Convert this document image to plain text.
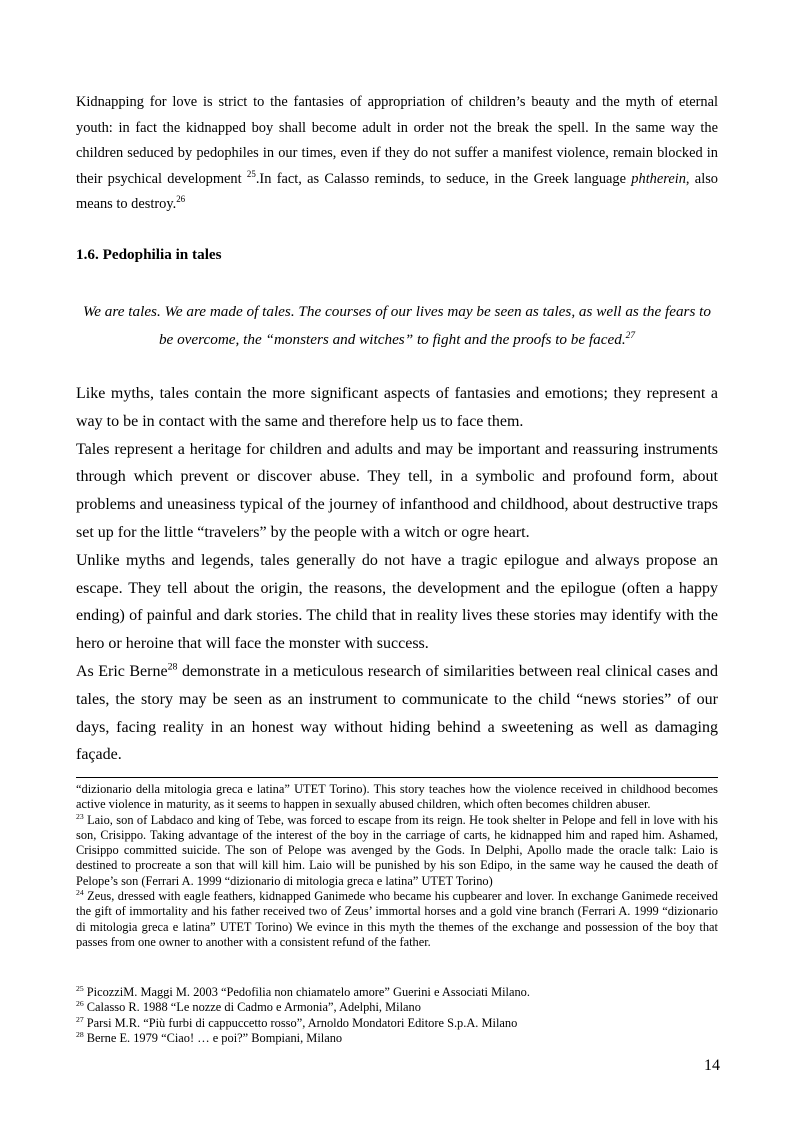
Kidnapping for love is strict to the fantasies of appropriation of children’s beauty and the myth of eternal youth: in fact the kidnapped boy shall become adult in order not the break the spell. In the same way the children seduced by pedophiles in our times, even if they do not suffer a manifest violence, remain blocked in their psychical development $^{25}$.In fact, as Calasso reminds, to seduce, in the Greek language phtherein, also means to destroy.$^{26}$
1.6. Pedophilia in tales
We are tales. We are made of tales. The courses of our lives may be seen as tales, as well as the fears to be overcome, the “monsters and witches” to fight and the proofs to be faced.$^{27}$

Like myths, tales contain the more significant aspects of fantasies and emotions; they represent a way to be in contact with the same and therefore help us to face them.

Tales represent a heritage for children and adults and may be important and reassuring instruments through which prevent or discover abuse. They tell, in a symbolic and profound form, about problems and uneasiness typical of the journey of infanthood and childhood, about destructive traps set up for the little “travelers” by the people with a witch or ogre heart.

Unlike myths and legends, tales generally do not have a tragic epilogue and always propose an escape. They tell about the origin, the reasons, the development and the epilogue (often a happy ending) of painful and dark stories. The child that in reality lives these stories may identify with the hero or heroine that will face the monster with success.

As Eric Berne$^{28}$ demonstrate in a meticulous research of similarities between real clinical cases and tales, the story may be seen as an instrument to communicate to the child “news stories” of our days, facing reality in an honest way without hiding behind a sweetening as well as damaging façade.

“dizionario della mitologia greca e latina” UTET Torino). This story teaches how the violence received in childhood becomes active violence in maturity, as it seems to happen in sexually abused children, which often becomes children abuser.

$^{23}$ Laio, son of Labdaco and king of Tebe, was forced to escape from its reign. He took shelter in Pelope and fell in love with his son, Crisippo. Taking advantage of the interest of the boy in the carriage of carts, he kidnapped him and raped him. Ashamed, Crisippo committed suicide. The son of Pelope was avenged by the Gods. In Delphi, Apollo made the oracle talk: Laio is destined to procreate a son that will kill him. Laio will be punished by his son Edipo, in the same way he caused the death of Pelope’s son (Ferrari A. 1999 “dizionario di mitologia greca e latina” UTET Torino)

$^{24}$ Zeus, dressed with eagle feathers, kidnapped Ganimede who became his cupbearer and lover. In exchange Ganimede received the gift of immortality and his father received two of Zeus’ immortal horses and a gold vine branch (Ferrari A. 1999 “dizionario di mitologia greca e latina” UTET Torino) We evince in this myth the themes of the exchange and possession of the boy that passes from one owner to another with a consistent refund of the father.

$^{25}$ PicozziM. Maggi M. 2003 “Pedofilia non chiamatelo amore” Guerini e Associati Milano.

$^{26}$ Calasso R. 1988 “Le nozze di Cadmo e Armonia”, Adelphi, Milano

$^{27}$ Parsi M.R. “Più furbi di cappuccetto rosso”, Arnoldo Mondatori Editore S.p.A. Milano

$^{28}$ Berne E. 1979 “Ciao! … e poi?” Bompiani, Milano

14
